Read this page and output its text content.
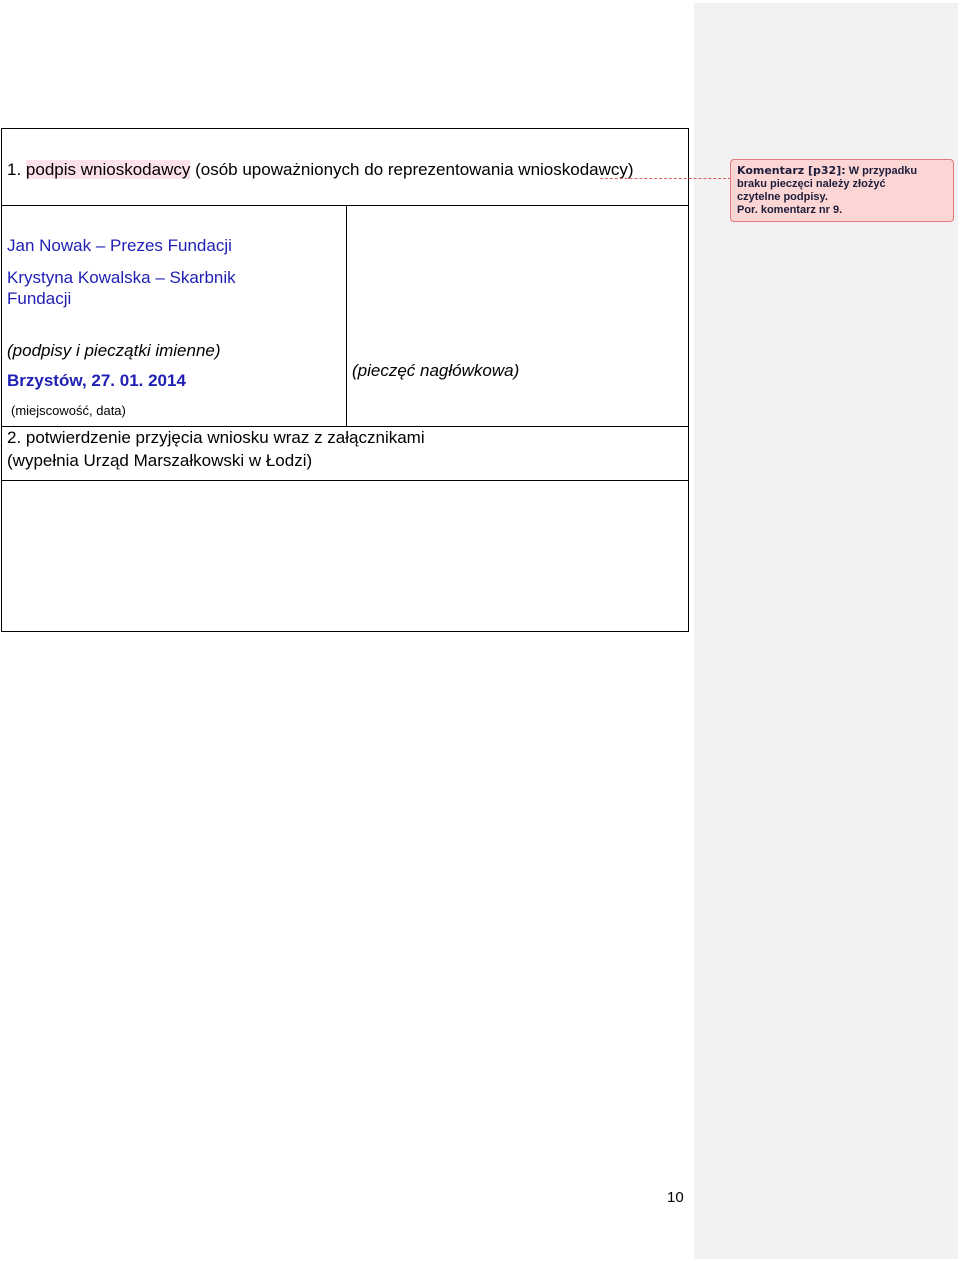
1. podpis wnioskodawcy (osób upoważnionych do reprezentowania wnioskodawcy)
Jan Nowak – Prezes Fundacji
Krystyna Kowalska – Skarbnik
Fundacji
(podpisy i pieczątki imienne)
Brzystów, 27. 01. 2014
(miejscowość, data)
(pieczęć nagłówkowa)
2. potwierdzenie przyjęcia wniosku wraz z załącznikami
(wypełnia Urząd Marszałkowski w Łodzi)
Komentarz [p32]: W przypadku
braku pieczęci należy złożyć
czytelne podpisy.
Por. komentarz nr 9.
10
